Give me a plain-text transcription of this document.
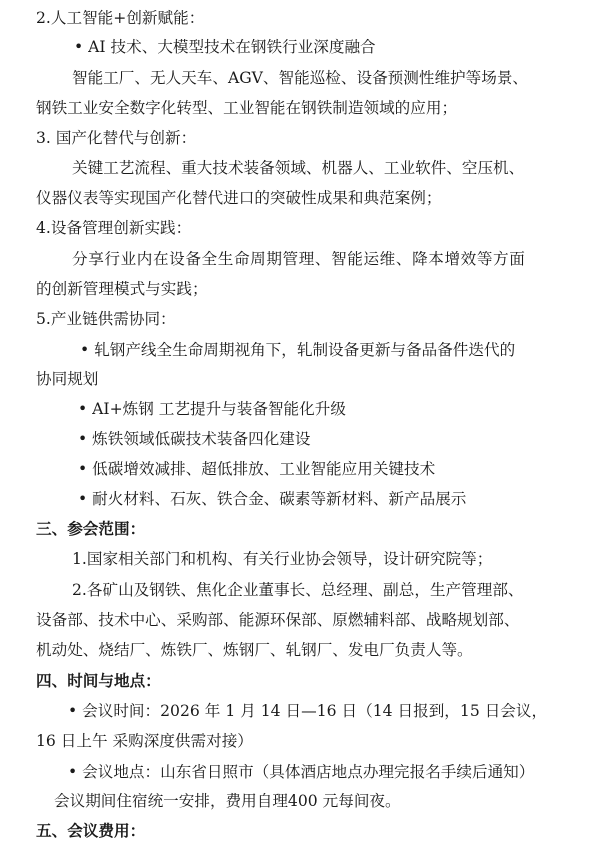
2.人工智能+创新赋能：

• AI 技术、大模型技术在钢铁行业深度融合

智能工厂、无人天车、AGV、智能巡检、设备预测性维护等场景、

钢铁工业安全数字化转型、工业智能在钢铁制造领域的应用；

3. 国产化替代与创新：

关键工艺流程、重大技术装备领域、机器人、工业软件、空压机、

仪器仪表等实现国产化替代进口的突破性成果和典范案例；

4.设备管理创新实践：

分享行业内在设备全生命周期管理、智能运维、降本增效等方面

的创新管理模式与实践；

5.产业链供需协同：

• 轧钢产线全生命周期视角下，轧制设备更新与备品备件迭代的

协同规划

• AI+炼钢 工艺提升与装备智能化升级

• 炼铁领域低碳技术装备四化建设

• 低碳增效减排、超低排放、工业智能应用关键技术

• 耐火材料、石灰、铁合金、碳素等新材料、新产品展示

三、参会范围：

1.国家相关部门和机构、有关行业协会领导，设计研究院等；

2.各矿山及钢铁、焦化企业董事长、总经理、副总，生产管理部、

设备部、技术中心、采购部、能源环保部、原燃辅料部、战略规划部、

机动处、烧结厂、炼铁厂、炼钢厂、轧钢厂、发电厂负责人等。

四、时间与地点：

• 会议时间：2026 年 1 月 14 日—16 日（14 日报到，15 日会议，

16 日上午 采购深度供需对接）

• 会议地点：山东省日照市（具体酒店地点办理完报名手续后通知）

会议期间住宿统一安排，费用自理400 元每间夜。

五、会议费用：
